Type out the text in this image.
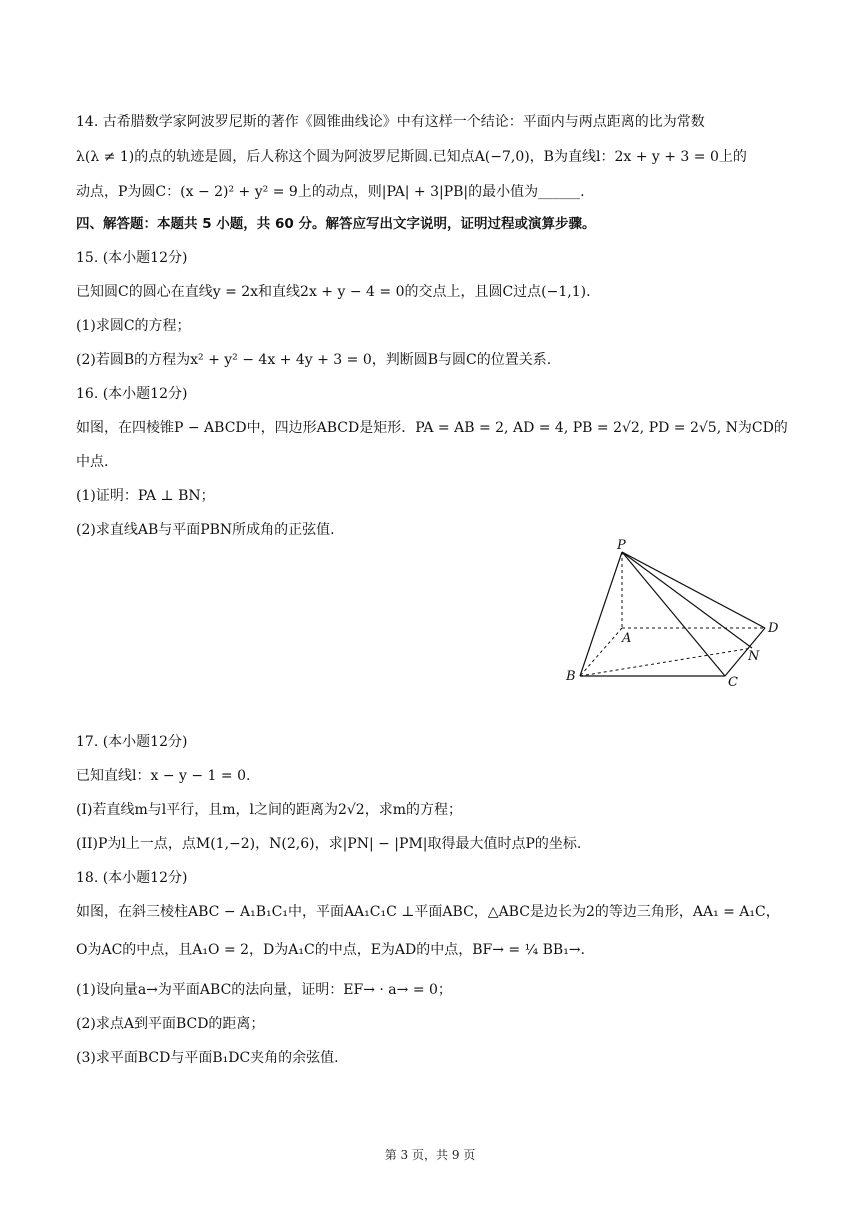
14. 古希腊数学家阿波罗尼斯的著作《圆锥曲线论》中有这样一个结论：平面内与两点距离的比为常数
λ(λ ≠ 1)的点的轨迹是圆，后人称这个圆为阿波罗尼斯圆.已知点A(−7,0)，B为直线l：2x + y + 3 = 0上的
动点，P为圆C：(x − 2)² + y² = 9上的动点，则|PA| + 3|PB|的最小值为______.
四、解答题：本题共 5 小题，共 60 分。解答应写出文字说明，证明过程或演算步骤。
15. (本小题12分)
已知圆C的圆心在直线y = 2x和直线2x + y − 4 = 0的交点上，且圆C过点(−1,1).
(1)求圆C的方程；
(2)若圆B的方程为x² + y² − 4x + 4y + 3 = 0，判断圆B与圆C的位置关系.
16. (本小题12分)
如图，在四棱锥P − ABCD中，四边形ABCD是矩形．PA = AB = 2, AD = 4, PB = 2√2, PD = 2√5, N为CD的
中点.
(1)证明：PA ⊥ BN；
(2)求直线AB与平面PBN所成角的正弦值.
P
A
B	C
D
N
17. (本小题12分)
已知直线l：x − y − 1 = 0.
(I)若直线m与l平行，且m，l之间的距离为2√2，求m的方程；
(II)P为l上一点，点M(1,−2)，N(2,6)，求|PN| − |PM|取得最大值时点P的坐标.
18. (本小题12分)
如图，在斜三棱柱ABC − A₁B₁C₁中，平面AA₁C₁C ⊥平面ABC，△ABC是边长为2的等边三角形，AA₁ = A₁C，
O为AC的中点，且A₁O = 2，D为A₁C的中点，E为AD的中点，BF→ = ¼ BB₁→.
(1)设向量a→为平面ABC的法向量，证明：EF→ · a→ = 0；
(2)求点A到平面BCD的距离；
(3)求平面BCD与平面B₁DC夹角的余弦值.
第 3 页，共 9 页
